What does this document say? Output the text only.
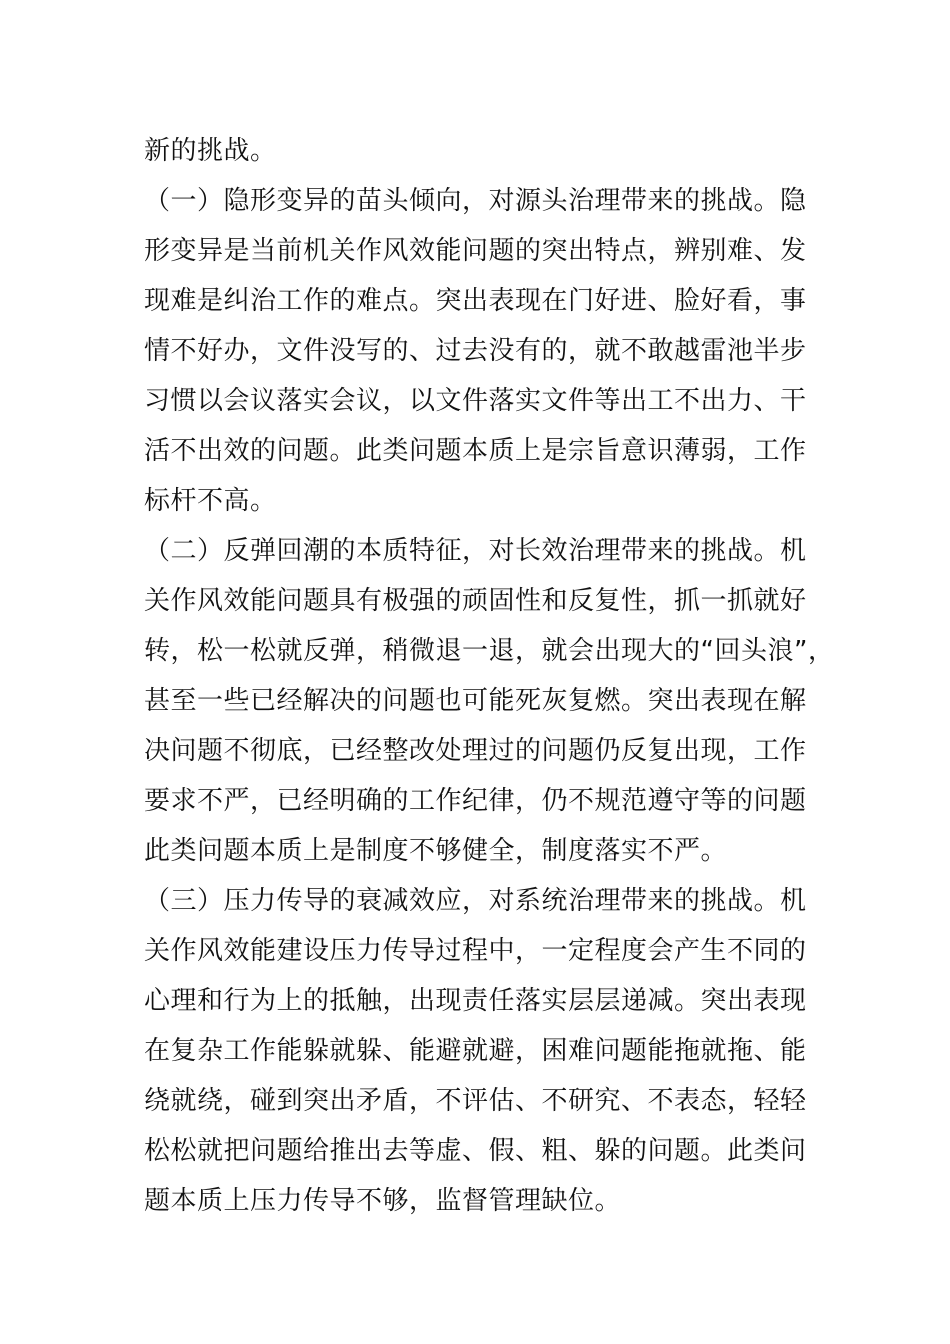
新的挑战。
（一）隐形变异的苗头倾向，对源头治理带来的挑战。隐
形变异是当前机关作风效能问题的突出特点，辨别难、发
现难是纠治工作的难点。突出表现在门好进、脸好看，事
情不好办，文件没写的、过去没有的，就不敢越雷池半步
习惯以会议落实会议，以文件落实文件等出工不出力、干
活不出效的问题。此类问题本质上是宗旨意识薄弱，工作
标杆不高。
（二）反弹回潮的本质特征，对长效治理带来的挑战。机
关作风效能问题具有极强的顽固性和反复性，抓一抓就好
转，松一松就反弹，稍微退一退，就会出现大的“回头浪”，
甚至一些已经解决的问题也可能死灰复燃。突出表现在解
决问题不彻底，已经整改处理过的问题仍反复出现，工作
要求不严，已经明确的工作纪律，仍不规范遵守等的问题
此类问题本质上是制度不够健全，制度落实不严。
（三）压力传导的衰减效应，对系统治理带来的挑战。机
关作风效能建设压力传导过程中，一定程度会产生不同的
心理和行为上的抵触，出现责任落实层层递减。突出表现
在复杂工作能躲就躲、能避就避，困难问题能拖就拖、能
绕就绕，碰到突出矛盾，不评估、不研究、不表态，轻轻
松松就把问题给推出去等虚、假、粗、躲的问题。此类问
题本质上压力传导不够，监督管理缺位。
